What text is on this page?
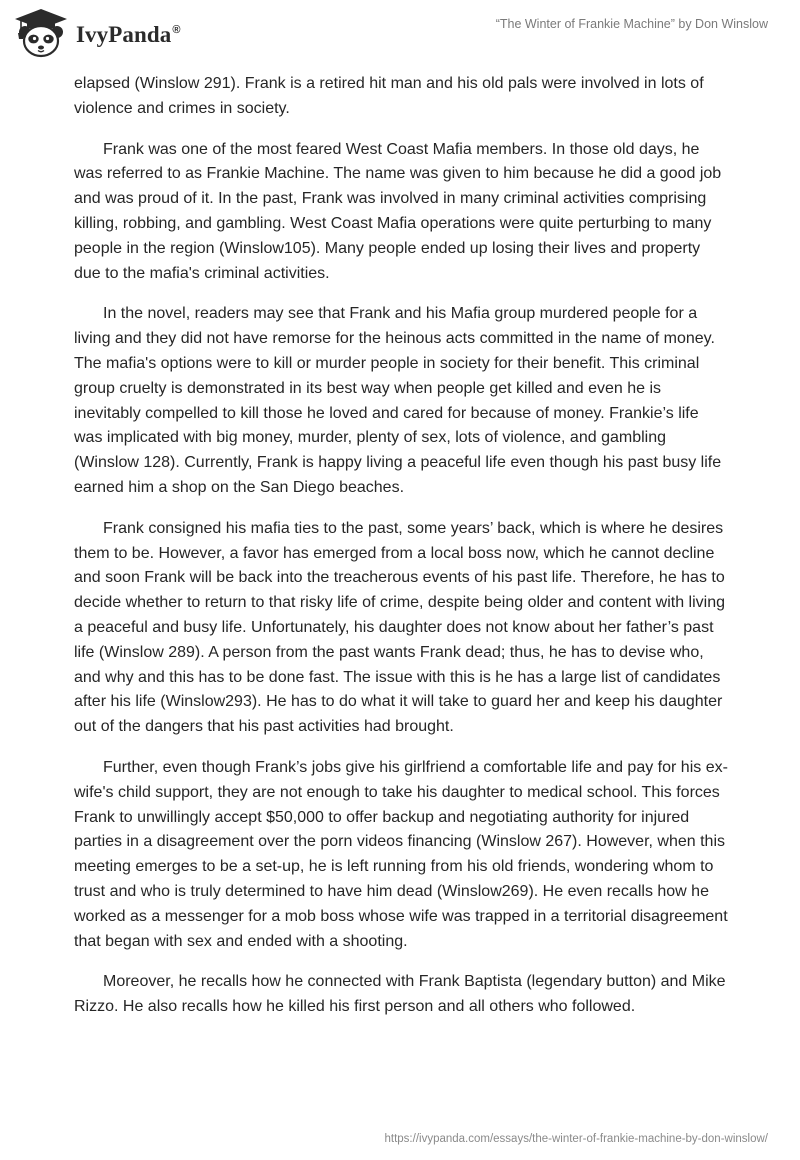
IvyPanda®	“The Winter of Frankie Machine” by Don Winslow

elapsed (Winslow 291). Frank is a retired hit man and his old pals were involved in lots of violence and crimes in society.

Frank was one of the most feared West Coast Mafia members. In those old days, he was referred to as Frankie Machine. The name was given to him because he did a good job and was proud of it. In the past, Frank was involved in many criminal activities comprising killing, robbing, and gambling. West Coast Mafia operations were quite perturbing to many people in the region (Winslow105). Many people ended up losing their lives and property due to the mafia's criminal activities.

In the novel, readers may see that Frank and his Mafia group murdered people for a living and they did not have remorse for the heinous acts committed in the name of money. The mafia's options were to kill or murder people in society for their benefit. This criminal group cruelty is demonstrated in its best way when people get killed and even he is inevitably compelled to kill those he loved and cared for because of money. Frankie’s life was implicated with big money, murder, plenty of sex, lots of violence, and gambling (Winslow 128). Currently, Frank is happy living a peaceful life even though his past busy life earned him a shop on the San Diego beaches.

Frank consigned his mafia ties to the past, some years’ back, which is where he desires them to be. However, a favor has emerged from a local boss now, which he cannot decline and soon Frank will be back into the treacherous events of his past life. Therefore, he has to decide whether to return to that risky life of crime, despite being older and content with living a peaceful and busy life. Unfortunately, his daughter does not know about her father’s past life (Winslow 289). A person from the past wants Frank dead; thus, he has to devise who, and why and this has to be done fast. The issue with this is he has a large list of candidates after his life (Winslow293). He has to do what it will take to guard her and keep his daughter out of the dangers that his past activities had brought.

Further, even though Frank’s jobs give his girlfriend a comfortable life and pay for his ex-wife's child support, they are not enough to take his daughter to medical school. This forces Frank to unwillingly accept $50,000 to offer backup and negotiating authority for injured parties in a disagreement over the porn videos financing (Winslow 267). However, when this meeting emerges to be a set-up, he is left running from his old friends, wondering whom to trust and who is truly determined to have him dead (Winslow269). He even recalls how he worked as a messenger for a mob boss whose wife was trapped in a territorial disagreement that began with sex and ended with a shooting.

Moreover, he recalls how he connected with Frank Baptista (legendary button) and Mike Rizzo. He also recalls how he killed his first person and all others who followed.

https://ivypanda.com/essays/the-winter-of-frankie-machine-by-don-winslow/
